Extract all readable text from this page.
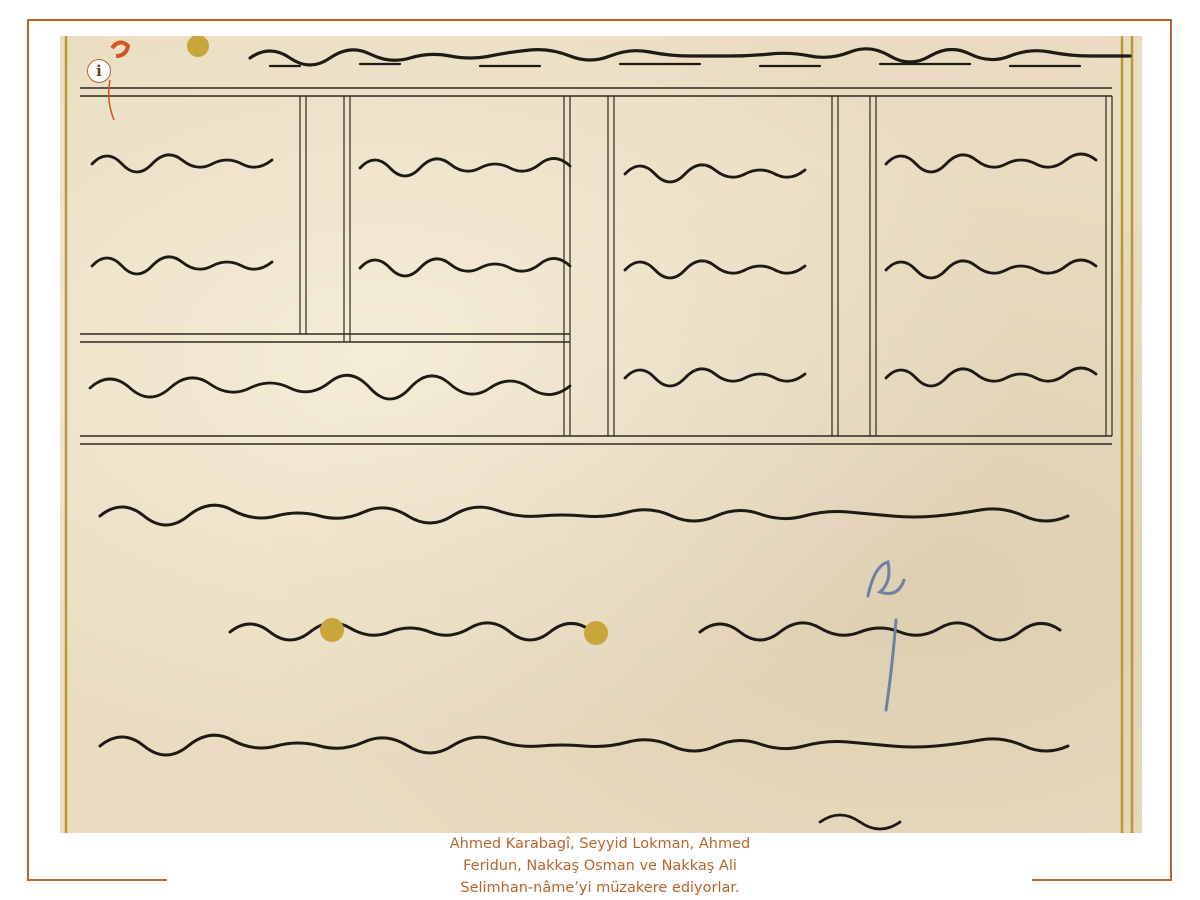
i
Ahmed Karabagî, Seyyid Lokman, Ahmed
Feridun, Nakkaş Osman ve Nakkaş Ali
Selimhan-nâme’yi müzakere ediyorlar.
